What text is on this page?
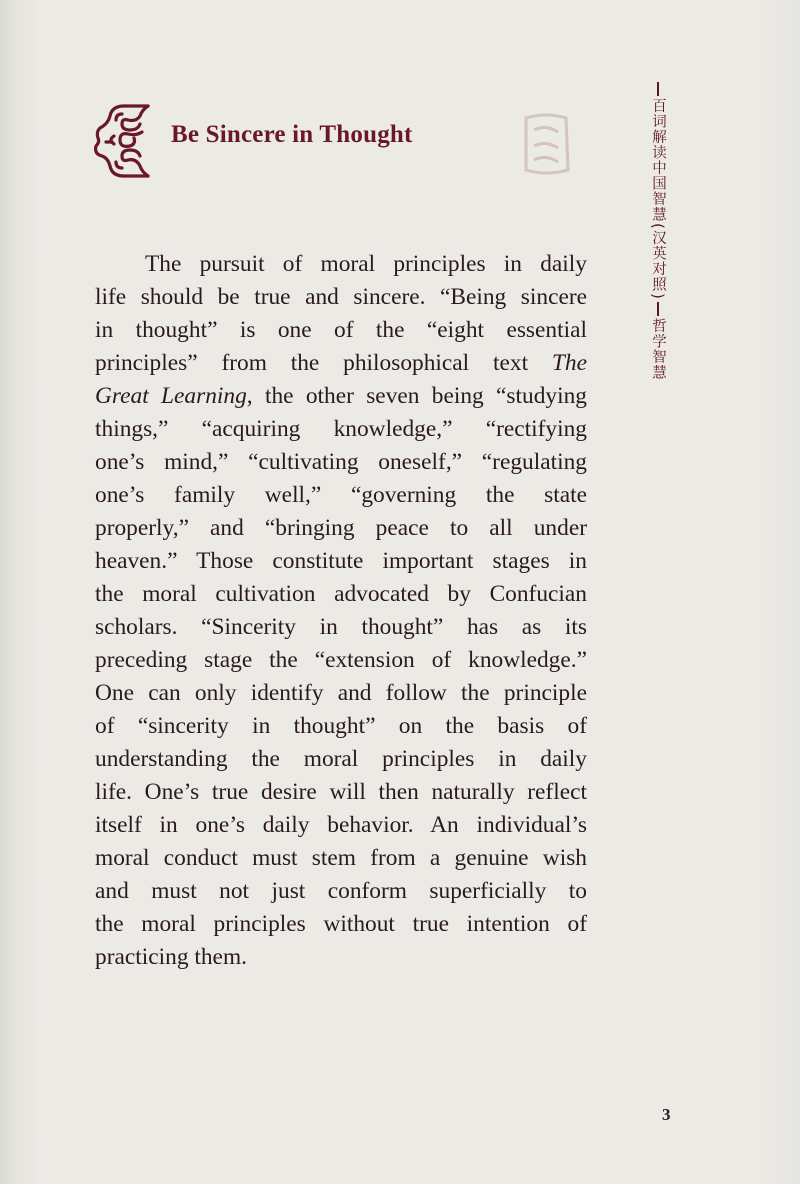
Be Sincere in Thought
The pursuit of moral principles in daily
life should be true and sincere. “Being sincere
in thought” is one of the “eight essential
principles” from the philosophical text The
Great Learning, the other seven being “studying
things,” “acquiring knowledge,” “rectifying
one’s mind,” “cultivating oneself,” “regulating
one’s family well,” “governing the state
properly,” and “bringing peace to all under
heaven.” Those constitute important stages in
the moral cultivation advocated by Confucian
scholars. “Sincerity in thought” has as its
preceding stage the “extension of knowledge.”
One can only identify and follow the principle
of “sincerity in thought” on the basis of
understanding the moral principles in daily
life. One’s true desire will then naturally reflect
itself in one’s daily behavior. An individual’s
moral conduct must stem from a genuine wish
and must not just conform superficially to
the moral principles without true intention of
practicing them.
百词解读中国智慧
(
汉英对照
)
哲学智慧
3
